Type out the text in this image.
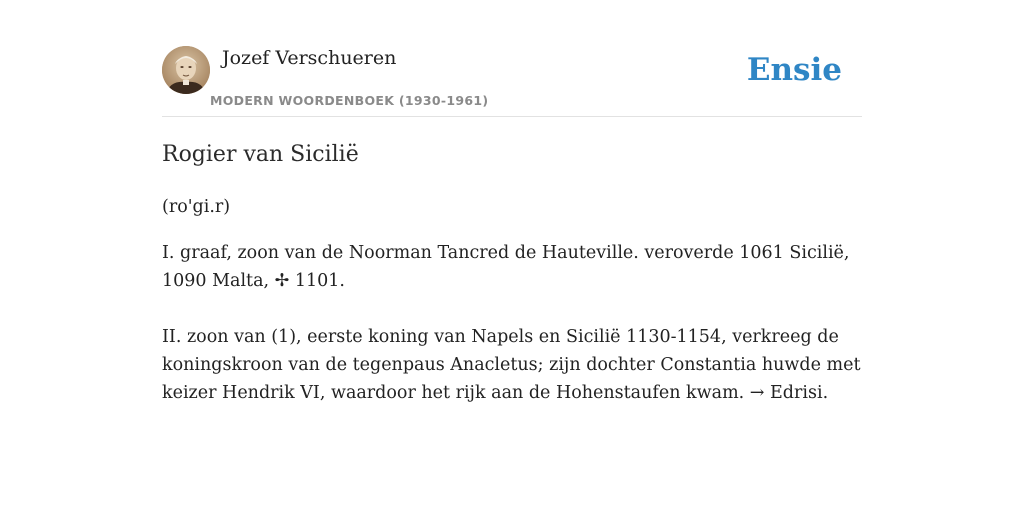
Jozef Verschueren
MODERN WOORDENBOEK (1930-1961)
Ensie
Rogier van Sicilië
(ro'gi.r)
I. graaf, zoon van de Noorman Tancred de Hauteville. veroverde 1061 Sicilië, 1090 Malta, ✢ 1101.
II. zoon van (1), eerste koning van Napels en Sicilië 1130-1154, verkreeg de koningskroon van de tegenpaus Anacletus; zijn dochter Constantia huwde met keizer Hendrik VI, waardoor het rijk aan de Hohenstaufen kwam. → Edrisi.
